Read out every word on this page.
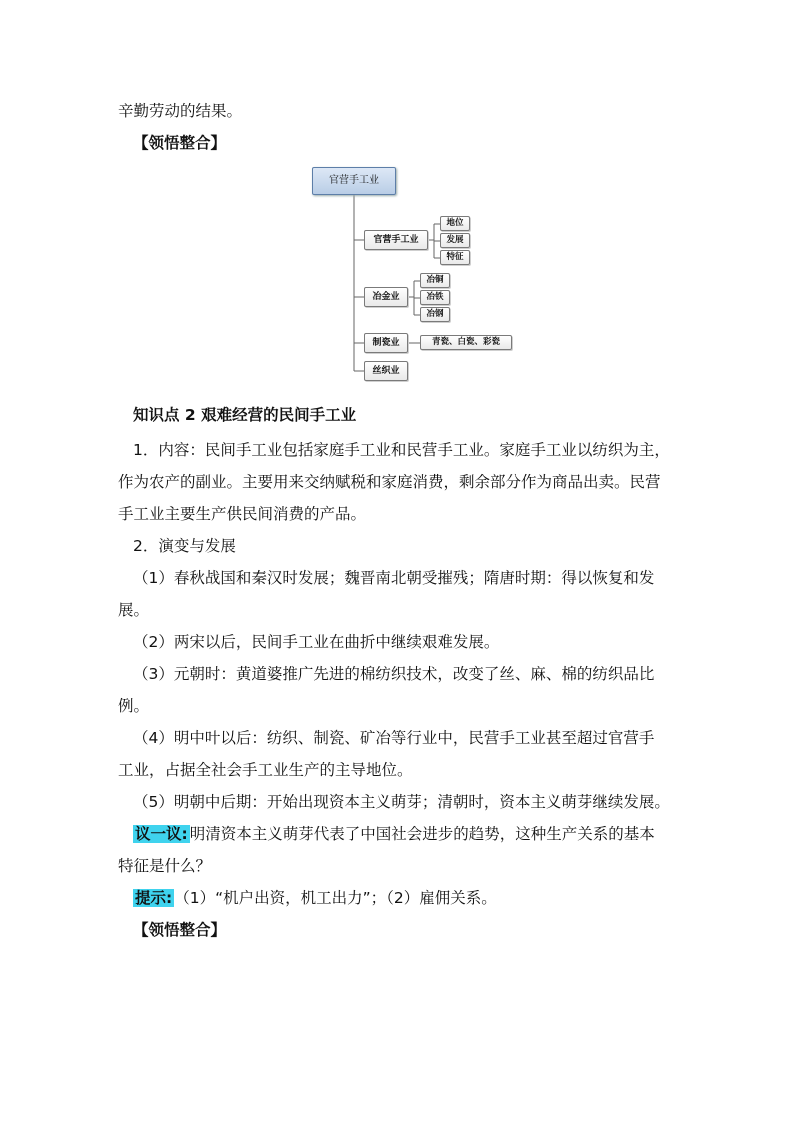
辛勤劳动的结果。
【领悟整合】
官营手工业
官营手工业
地位
发展
特征
冶金业
冶铜
冶铁
冶钢
制瓷业	青瓷、白瓷、彩瓷
丝织业
知识点 2 艰难经营的民间手工业
1．内容：民间手工业包括家庭手工业和民营手工业。家庭手工业以纺织为主，
作为农产的副业。主要用来交纳赋税和家庭消费，剩余部分作为商品出卖。民营
手工业主要生产供民间消费的产品。
2．演变与发展
（1）春秋战国和秦汉时发展；魏晋南北朝受摧残；隋唐时期：得以恢复和发
展。
（2）两宋以后，民间手工业在曲折中继续艰难发展。
（3）元朝时：黄道婆推广先进的棉纺织技术，改变了丝、麻、棉的纺织品比
例。
（4）明中叶以后：纺织、制瓷、矿冶等行业中，民营手工业甚至超过官营手
工业，占据全社会手工业生产的主导地位。
（5）明朝中后期：开始出现资本主义萌芽；清朝时，资本主义萌芽继续发展。
议一议: 明清资本主义萌芽代表了中国社会进步的趋势，这种生产关系的基本
特征是什么？
提示: （1）“机户出资，机工出力”；（2）雇佣关系。
【领悟整合】
